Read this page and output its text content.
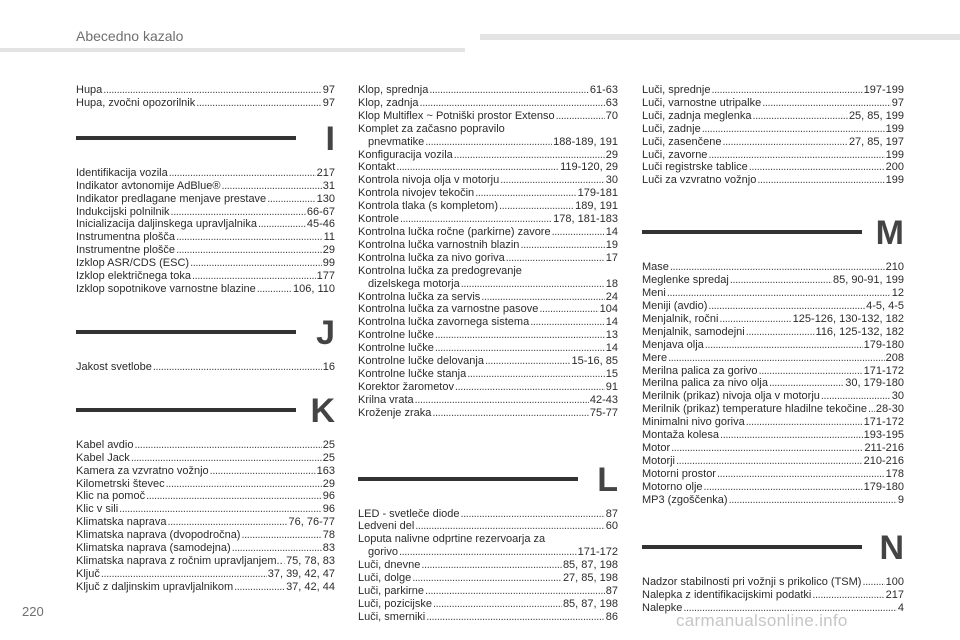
Abecedno kazalo
Hupa .....	97
Hupa, zvočni opozorilnik .....	97
I
Identifikacija vozila .....	217
Indikator avtonomije AdBlue® .....	31
Indikator predlagane menjave prestave .....	130
Indukcijski polnilnik .....	66-67
Inicializacija daljinskega upravljalnika .....	45-46
Instrumentna plošča .....	11
Instrumentne plošče .....	29
Izklop ASR/CDS (ESC) .....	99
Izklop električnega toka .....	177
Izklop sopotnikove varnostne blazine .....	106, 110
J
Jakost svetlobe .....	16
K
Kabel avdio .....	25
Kabel Jack .....	25
Kamera za vzvratno vožnjo .....	163
Kilometrski števec .....	29
Klic na pomoč .....	96
Klic v sili .....	96
Klimatska naprava .....	76, 76-77
Klimatska naprava (dvopodročna) .....	78
Klimatska naprava (samodejna) .....	83
Klimatska naprava z ročnim upravljanjem.. ..... 75, 78, 83
Ključ .....	37, 39, 42, 47
Ključ z daljinskim upravljalnikom .....	37, 42, 44
Klop, sprednja .....	61-63
Klop, zadnja .....	63
Klop Multiflex ~ Potniški prostor Extenso .....	70
Komplet za začasno popravilo
pnevmatike .....	188-189, 191
Konfiguracija vozila .....	29
Kontakt .....	119-120, 29
Kontrola nivoja olja v motorju .....	30
Kontrola nivojev tekočin .....	179-181
Kontrola tlaka (s kompletom) .....	189, 191
Kontrole .....	178, 181-183
Kontrolna lučka ročne (parkirne) zavore .....	14
Kontrolna lučka varnostnih blazin .....	19
Kontrolna lučka za nivo goriva .....	17
Kontrolna lučka za predogrevanje
dizelskega motorja .....	18
Kontrolna lučka za servis .....	24
Kontrolna lučka za varnostne pasove .....	104
Kontrolna lučka zavornega sistema .....	14
Kontrolne lučke .....	13
Kontrolne lučke .....	14
Kontrolne lučke delovanja .....	15-16, 85
Kontrolne lučke stanja .....	15
Korektor žarometov .....	91
Krilna vrata .....	42-43
Kroženje zraka .....	75-77
L
LED - svetleče diode .....	87
Ledveni del .....	60
Loputa nalivne odprtine rezervoarja za
gorivo .....	171-172
Luči, dnevne .....	85, 87, 198
Luči, dolge .....	27, 85, 198
Luči, parkirne .....	87
Luči, pozicijske .....	85, 87, 198
Luči, smerniki .....	86
Luči, sprednje .....	197-199
Luči, varnostne utripalke .....	97
Luči, zadnja meglenka .....	25, 85, 199
Luči, zadnje .....	199
Luči, zasenčene .....	27, 85, 197
Luči, zavorne .....	199
Luči registrske tablice .....	200
Luči za vzvratno vožnjo .....	199
M
Mase .....	210
Meglenke spredaj .....	85, 90-91, 199
Meni .....	12
Meniji (avdio) .....	4-5, 4-5
Menjalnik, ročni .....	125-126, 130-132, 182
Menjalnik, samodejni .....	116, 125-132, 182
Menjava olja .....	179-180
Mere .....	208
Merilna palica za gorivo .....	171-172
Merilna palica za nivo olja .....	30, 179-180
Merilnik (prikaz) nivoja olja v motorju .....	30
Merilnik (prikaz) temperature hladilne tekočine ..... 28-30
Minimalni nivo goriva .....	171-172
Montaža kolesa .....	193-195
Motor .....	211-216
Motorji .....	210-216
Motorni prostor .....	178
Motorno olje .....	179-180
MP3 (zgoščenka) .....	9
N
Nadzor stabilnosti pri vožnji s prikolico (TSM) ..... 100
Nalepka z identifikacijskimi podatki .....	217
Nalepke .....	4
220	carmanualsonline.info
